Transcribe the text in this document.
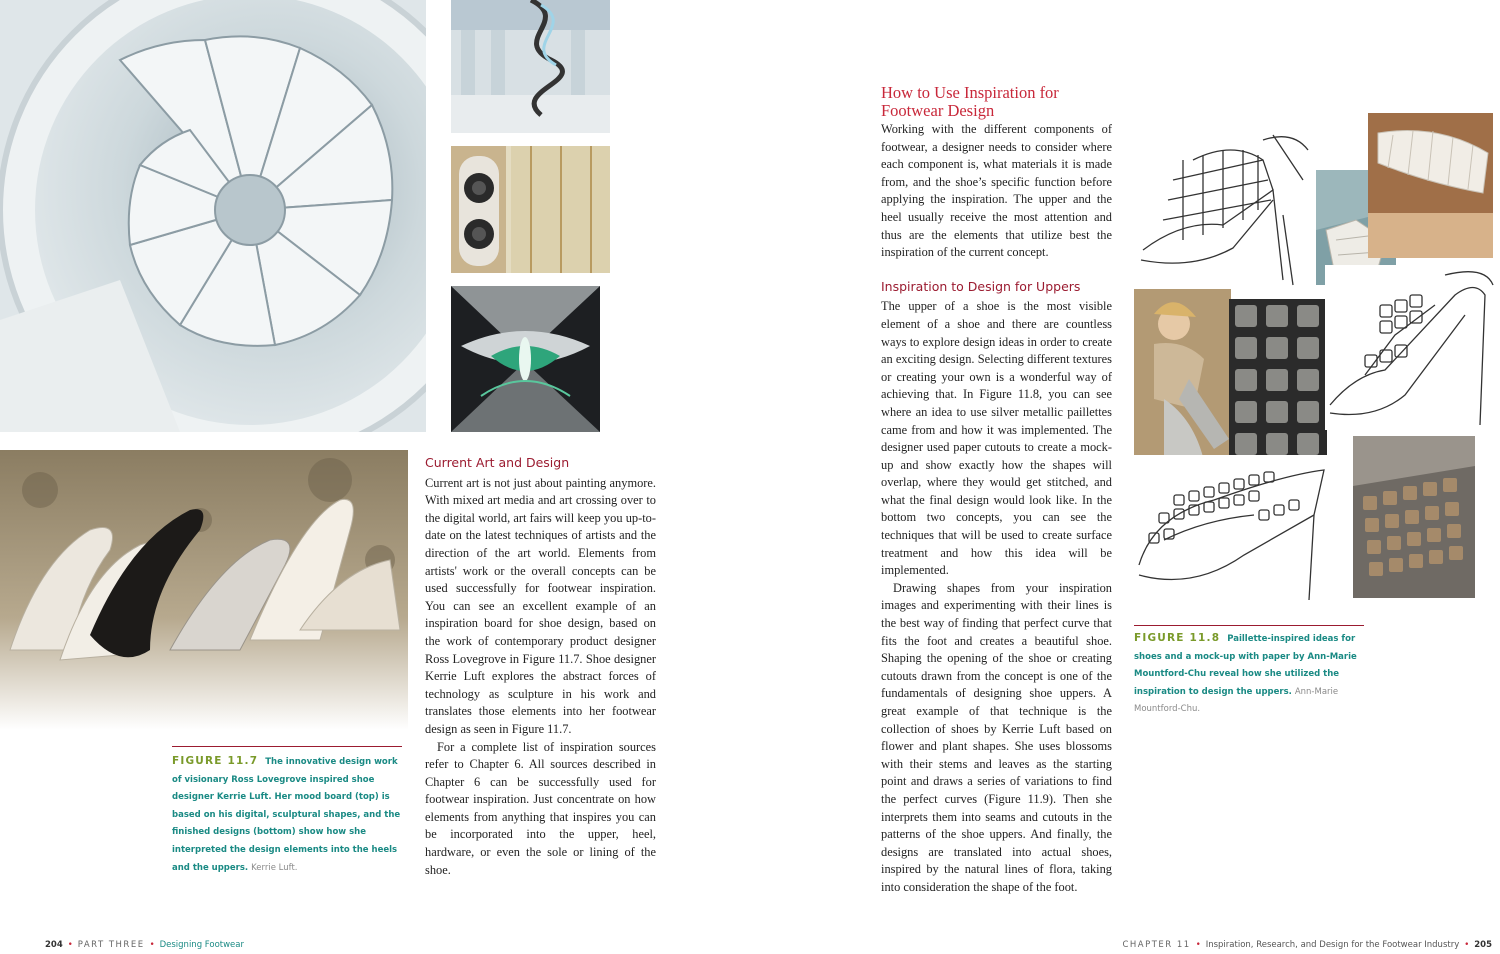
Current Art and Design

Current art is not just about painting anymore. With mixed art media and art crossing over to the digital world, art fairs will keep you up-to-date on the latest techniques of artists and the direction of the art world. Elements from artists' work or the overall concepts can be used successfully for footwear inspiration. You can see an excellent example of an inspiration board for shoe design, based on the work of contemporary product designer Ross Lovegrove in Figure 11.7. Shoe designer Kerrie Luft explores the abstract forces of technology as sculpture in his work and translates those elements into her footwear design as seen in Figure 11.7.

For a complete list of inspiration sources refer to Chapter 6. All sources described in Chapter 6 can be successfully used for footwear inspiration. Just concentrate on how elements from anything that inspires you can be incorporated into the upper, heel, hardware, or even the sole or lining of the shoe.

FIGURE 11.7 The innovative design work of visionary Ross Lovegrove inspired shoe designer Kerrie Luft. Her mood board (top) is based on his digital, sculptural shapes, and the finished designs (bottom) show how she interpreted the design elements into the heels and the uppers. Kerrie Luft.
204 • PART THREE • Designing Footwear
How to Use Inspiration for Footwear Design

Working with the different components of footwear, a designer needs to consider where each component is, what materials it is made from, and the shoe’s specific function before applying the inspiration. The upper and the heel usually receive the most attention and thus are the elements that utilize best the inspiration of the current concept.

Inspiration to Design for Uppers

The upper of a shoe is the most visible element of a shoe and there are countless ways to explore design ideas in order to create an exciting design. Selecting different textures or creating your own is a wonderful way of achieving that. In Figure 11.8, you can see where an idea to use silver metallic paillettes came from and how it was implemented. The designer used paper cutouts to create a mock-up and show exactly how the shapes will overlap, where they would get stitched, and what the final design would look like. In the bottom two concepts, you can see the techniques that will be used to create surface treatment and how this idea will be implemented.

Drawing shapes from your inspiration images and experimenting with their lines is the best way of finding that perfect curve that fits the foot and creates a beautiful shoe. Shaping the opening of the shoe or creating cutouts drawn from the concept is one of the fundamentals of designing shoe uppers. A great example of that technique is the collection of shoes by Kerrie Luft based on flower and plant shapes. She uses blossoms with their stems and leaves as the starting point and draws a series of variations to find the perfect curves (Figure 11.9). Then she interprets them into seams and cutouts in the patterns of the shoe uppers. And finally, the designs are translated into actual shoes, inspired by the natural lines of flora, taking into consideration the shape of the foot.

FIGURE 11.8 Paillette-inspired ideas for shoes and a mock-up with paper by Ann-Marie Mountford-Chu reveal how she utilized the inspiration to design the uppers. Ann-Marie Mountford-Chu.
CHAPTER 11 • Inspiration, Research, and Design for the Footwear Industry • 205
